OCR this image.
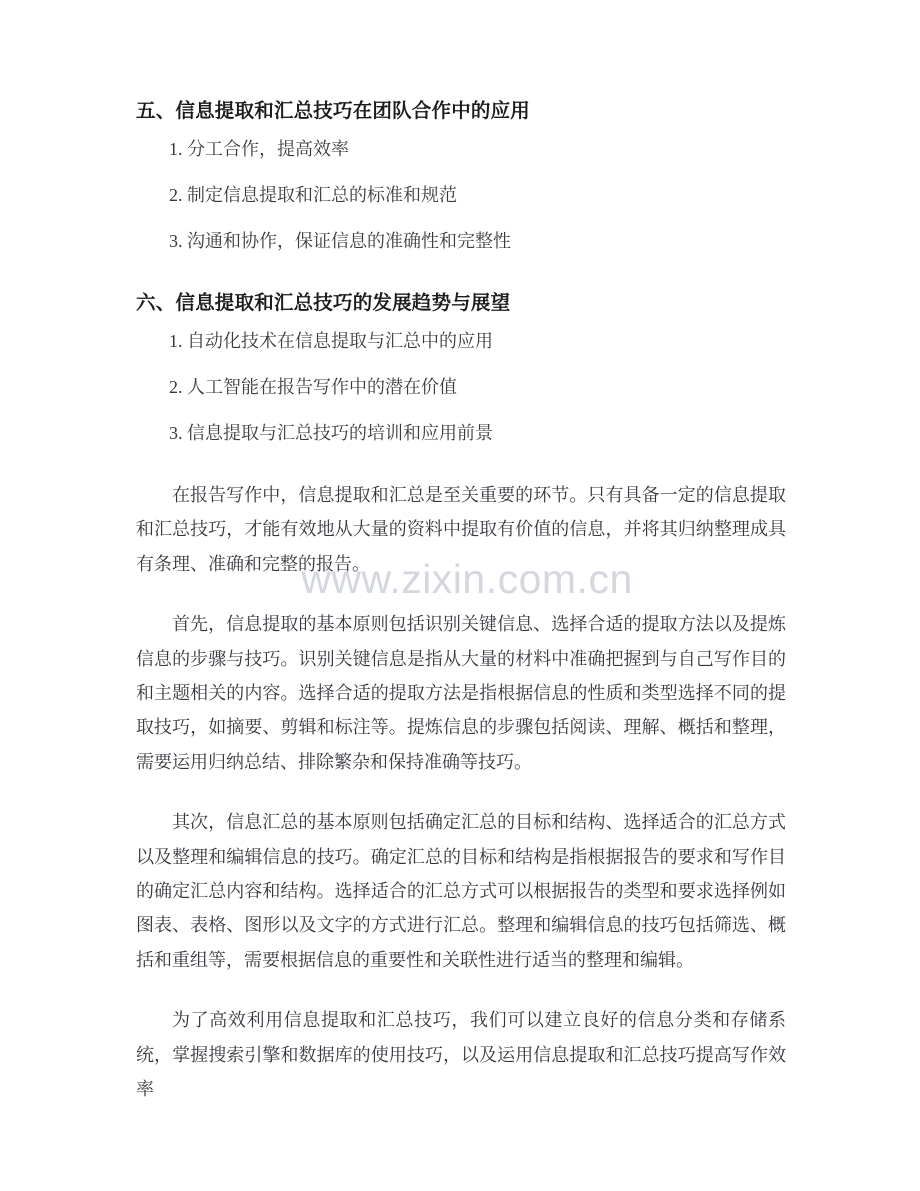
www.zixin.com.cn
五、信息提取和汇总技巧在团队合作中的应用

1. 分工合作，提高效率

2. 制定信息提取和汇总的标准和规范

3. 沟通和协作，保证信息的准确性和完整性

六、信息提取和汇总技巧的发展趋势与展望

1. 自动化技术在信息提取与汇总中的应用

2. 人工智能在报告写作中的潜在价值

3. 信息提取与汇总技巧的培训和应用前景

在报告写作中，信息提取和汇总是至关重要的环节。只有具备一定的信息提取和汇总技巧，才能有效地从大量的资料中提取有价值的信息，并将其归纳整理成具有条理、准确和完整的报告。

首先，信息提取的基本原则包括识别关键信息、选择合适的提取方法以及提炼信息的步骤与技巧。识别关键信息是指从大量的材料中准确把握到与自己写作目的和主题相关的内容。选择合适的提取方法是指根据信息的性质和类型选择不同的提取技巧，如摘要、剪辑和标注等。提炼信息的步骤包括阅读、理解、概括和整理，需要运用归纳总结、排除繁杂和保持准确等技巧。

其次，信息汇总的基本原则包括确定汇总的目标和结构、选择适合的汇总方式以及整理和编辑信息的技巧。确定汇总的目标和结构是指根据报告的要求和写作目的确定汇总内容和结构。选择适合的汇总方式可以根据报告的类型和要求选择例如图表、表格、图形以及文字的方式进行汇总。整理和编辑信息的技巧包括筛选、概括和重组等，需要根据信息的重要性和关联性进行适当的整理和编辑。

为了高效利用信息提取和汇总技巧，我们可以建立良好的信息分类和存储系统，掌握搜索引擎和数据库的使用技巧，以及运用信息提取和汇总技巧提高写作效率
